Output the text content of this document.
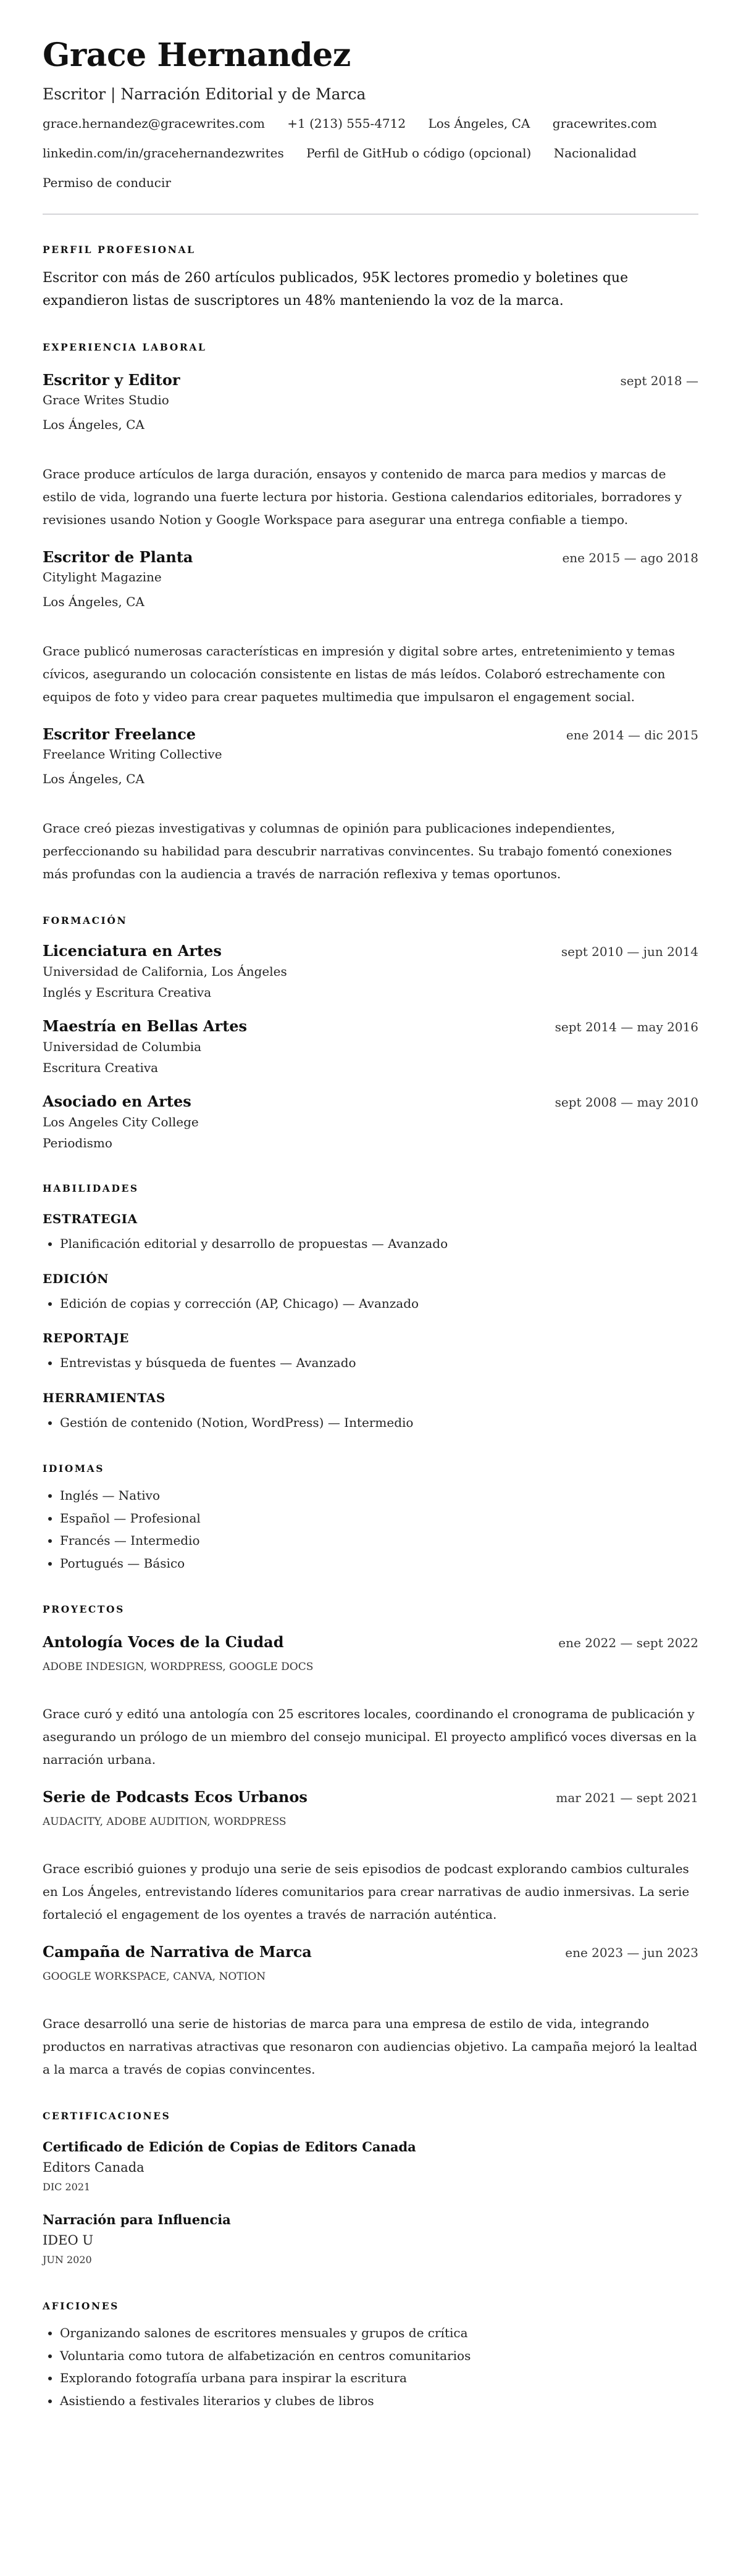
Grace Hernandez
Escritor | Narración Editorial y de Marca
grace.hernandez@gracewrites.com +1 (213) 555-4712 Los Ángeles, CA gracewrites.com linkedin.com/in/gracehernandezwrites Perfil de GitHub o código (opcional) Nacionalidad Permiso de conducir
PERFIL PROFESIONAL

Escritor con más de 260 artículos publicados, 95K lectores promedio y boletines que expandieron listas de suscriptores un 48% manteniendo la voz de la marca.

EXPERIENCIA LABORAL
Escritor y Editor	sept 2018 —
Grace Writes Studio
Los Ángeles, CA
Grace produce artículos de larga duración, ensayos y contenido de marca para medios y marcas de estilo de vida, logrando una fuerte lectura por historia. Gestiona calendarios editoriales, borradores y revisiones usando Notion y Google Workspace para asegurar una entrega confiable a tiempo.
Escritor de Planta	ene 2015 — ago 2018
Citylight Magazine
Los Ángeles, CA
Grace publicó numerosas características en impresión y digital sobre artes, entretenimiento y temas cívicos, asegurando un colocación consistente en listas de más leídos. Colaboró estrechamente con equipos de foto y video para crear paquetes multimedia que impulsaron el engagement social.
Escritor Freelance	ene 2014 — dic 2015
Freelance Writing Collective
Los Ángeles, CA
Grace creó piezas investigativas y columnas de opinión para publicaciones independientes, perfeccionando su habilidad para descubrir narrativas convincentes. Su trabajo fomentó conexiones más profundas con la audiencia a través de narración reflexiva y temas oportunos.
FORMACIÓN
Licenciatura en Artes	sept 2010 — jun 2014
Universidad de California, Los Ángeles
Inglés y Escritura Creativa
Maestría en Bellas Artes	sept 2014 — may 2016
Universidad de Columbia
Escritura Creativa
Asociado en Artes	sept 2008 — may 2010
Los Angeles City College
Periodismo
HABILIDADES
ESTRATEGIA
• Planificación editorial y desarrollo de propuestas — Avanzado
EDICIÓN
• Edición de copias y corrección (AP, Chicago) — Avanzado
REPORTAJE
• Entrevistas y búsqueda de fuentes — Avanzado
HERRAMIENTAS
• Gestión de contenido (Notion, WordPress) — Intermedio
IDIOMAS
• Inglés — Nativo
• Español — Profesional
• Francés — Intermedio
• Portugués — Básico
PROYECTOS
Antología Voces de la Ciudad	ene 2022 — sept 2022
ADOBE INDESIGN, WORDPRESS, GOOGLE DOCS
Grace curó y editó una antología con 25 escritores locales, coordinando el cronograma de publicación y asegurando un prólogo de un miembro del consejo municipal. El proyecto amplificó voces diversas en la narración urbana.
Serie de Podcasts Ecos Urbanos	mar 2021 — sept 2021
AUDACITY, ADOBE AUDITION, WORDPRESS
Grace escribió guiones y produjo una serie de seis episodios de podcast explorando cambios culturales en Los Ángeles, entrevistando líderes comunitarios para crear narrativas de audio inmersivas. La serie fortaleció el engagement de los oyentes a través de narración auténtica.
Campaña de Narrativa de Marca	ene 2023 — jun 2023
GOOGLE WORKSPACE, CANVA, NOTION
Grace desarrolló una serie de historias de marca para una empresa de estilo de vida, integrando productos en narrativas atractivas que resonaron con audiencias objetivo. La campaña mejoró la lealtad a la marca a través de copias convincentes.
CERTIFICACIONES
Certificado de Edición de Copias de Editors Canada
Editors Canada
DIC 2021
Narración para Influencia
IDEO U
JUN 2020
AFICIONES
• Organizando salones de escritores mensuales y grupos de crítica
• Voluntaria como tutora de alfabetización en centros comunitarios
• Explorando fotografía urbana para inspirar la escritura
• Asistiendo a festivales literarios y clubes de libros
